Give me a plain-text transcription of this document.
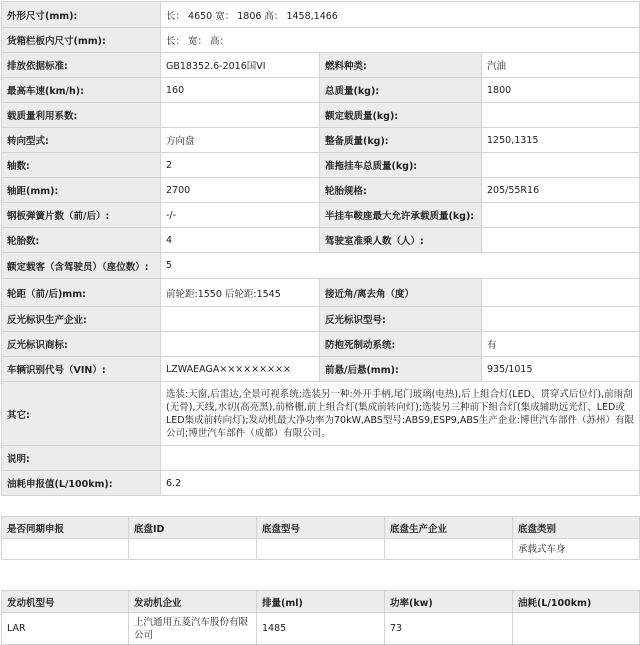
外形尺寸(mm):	长： 4650 宽： 1806 高： 1458,1466		
货箱栏板内尺寸(mm):	长： 宽： 高：		
排放依据标准:	GB18352.6-2016国VI	燃料种类:	汽油
最高车速(km/h):	160	总质量(kg):	1800
载质量利用系数:		额定载质量(kg):	
转向型式:	方向盘	整备质量(kg):	1250,1315
轴数:	2	准拖挂车总质量(kg):	
轴距(mm):	2700	轮胎规格:	205/55R16
钢板弹簧片数（前/后）:	-/-	半挂车鞍座最大允许承载质量(kg):	
轮胎数:	4	驾驶室准乘人数（人）:	
额定载客（含驾驶员）（座位数）:	5		
轮距（前/后)mm:	前轮距:1550 后轮距:1545	接近角/离去角（度）	
反光标识生产企业:		反光标识型号:	
反光标识商标:		防抱死制动系统:	有
车辆识别代号（VIN）:	LZWAEAGA×××××××××	前悬/后悬(mm):	935/1015
其它:	选装:天窗,后雷达,全景可视系统;选装另一种:外开手柄,尾门玻璃(电热),后上组合灯(LED、贯穿式后位灯),前雨刮(无骨),天线,水切(高亮黑),前格栅,前上组合灯(集成前转向灯);选装另三种前下组合灯(集成辅助远光灯、LED或LED集成前转向灯);发动机最大净功率为70kW,ABS型号:ABS9,ESP9,ABS生产企业:博世汽车部件（苏州）有限公司;博世汽车部件（成都）有限公司。		
说明:			
油耗申报值(L/100km):	6.2		
是否同期申报	底盘ID	底盘型号	底盘生产企业	底盘类别
				承载式车身
发动机型号	发动机企业	排量(ml)	功率(kw)	油耗(L/100km)
LAR	上汽通用五菱汽车股份有限公司	1485	73	
